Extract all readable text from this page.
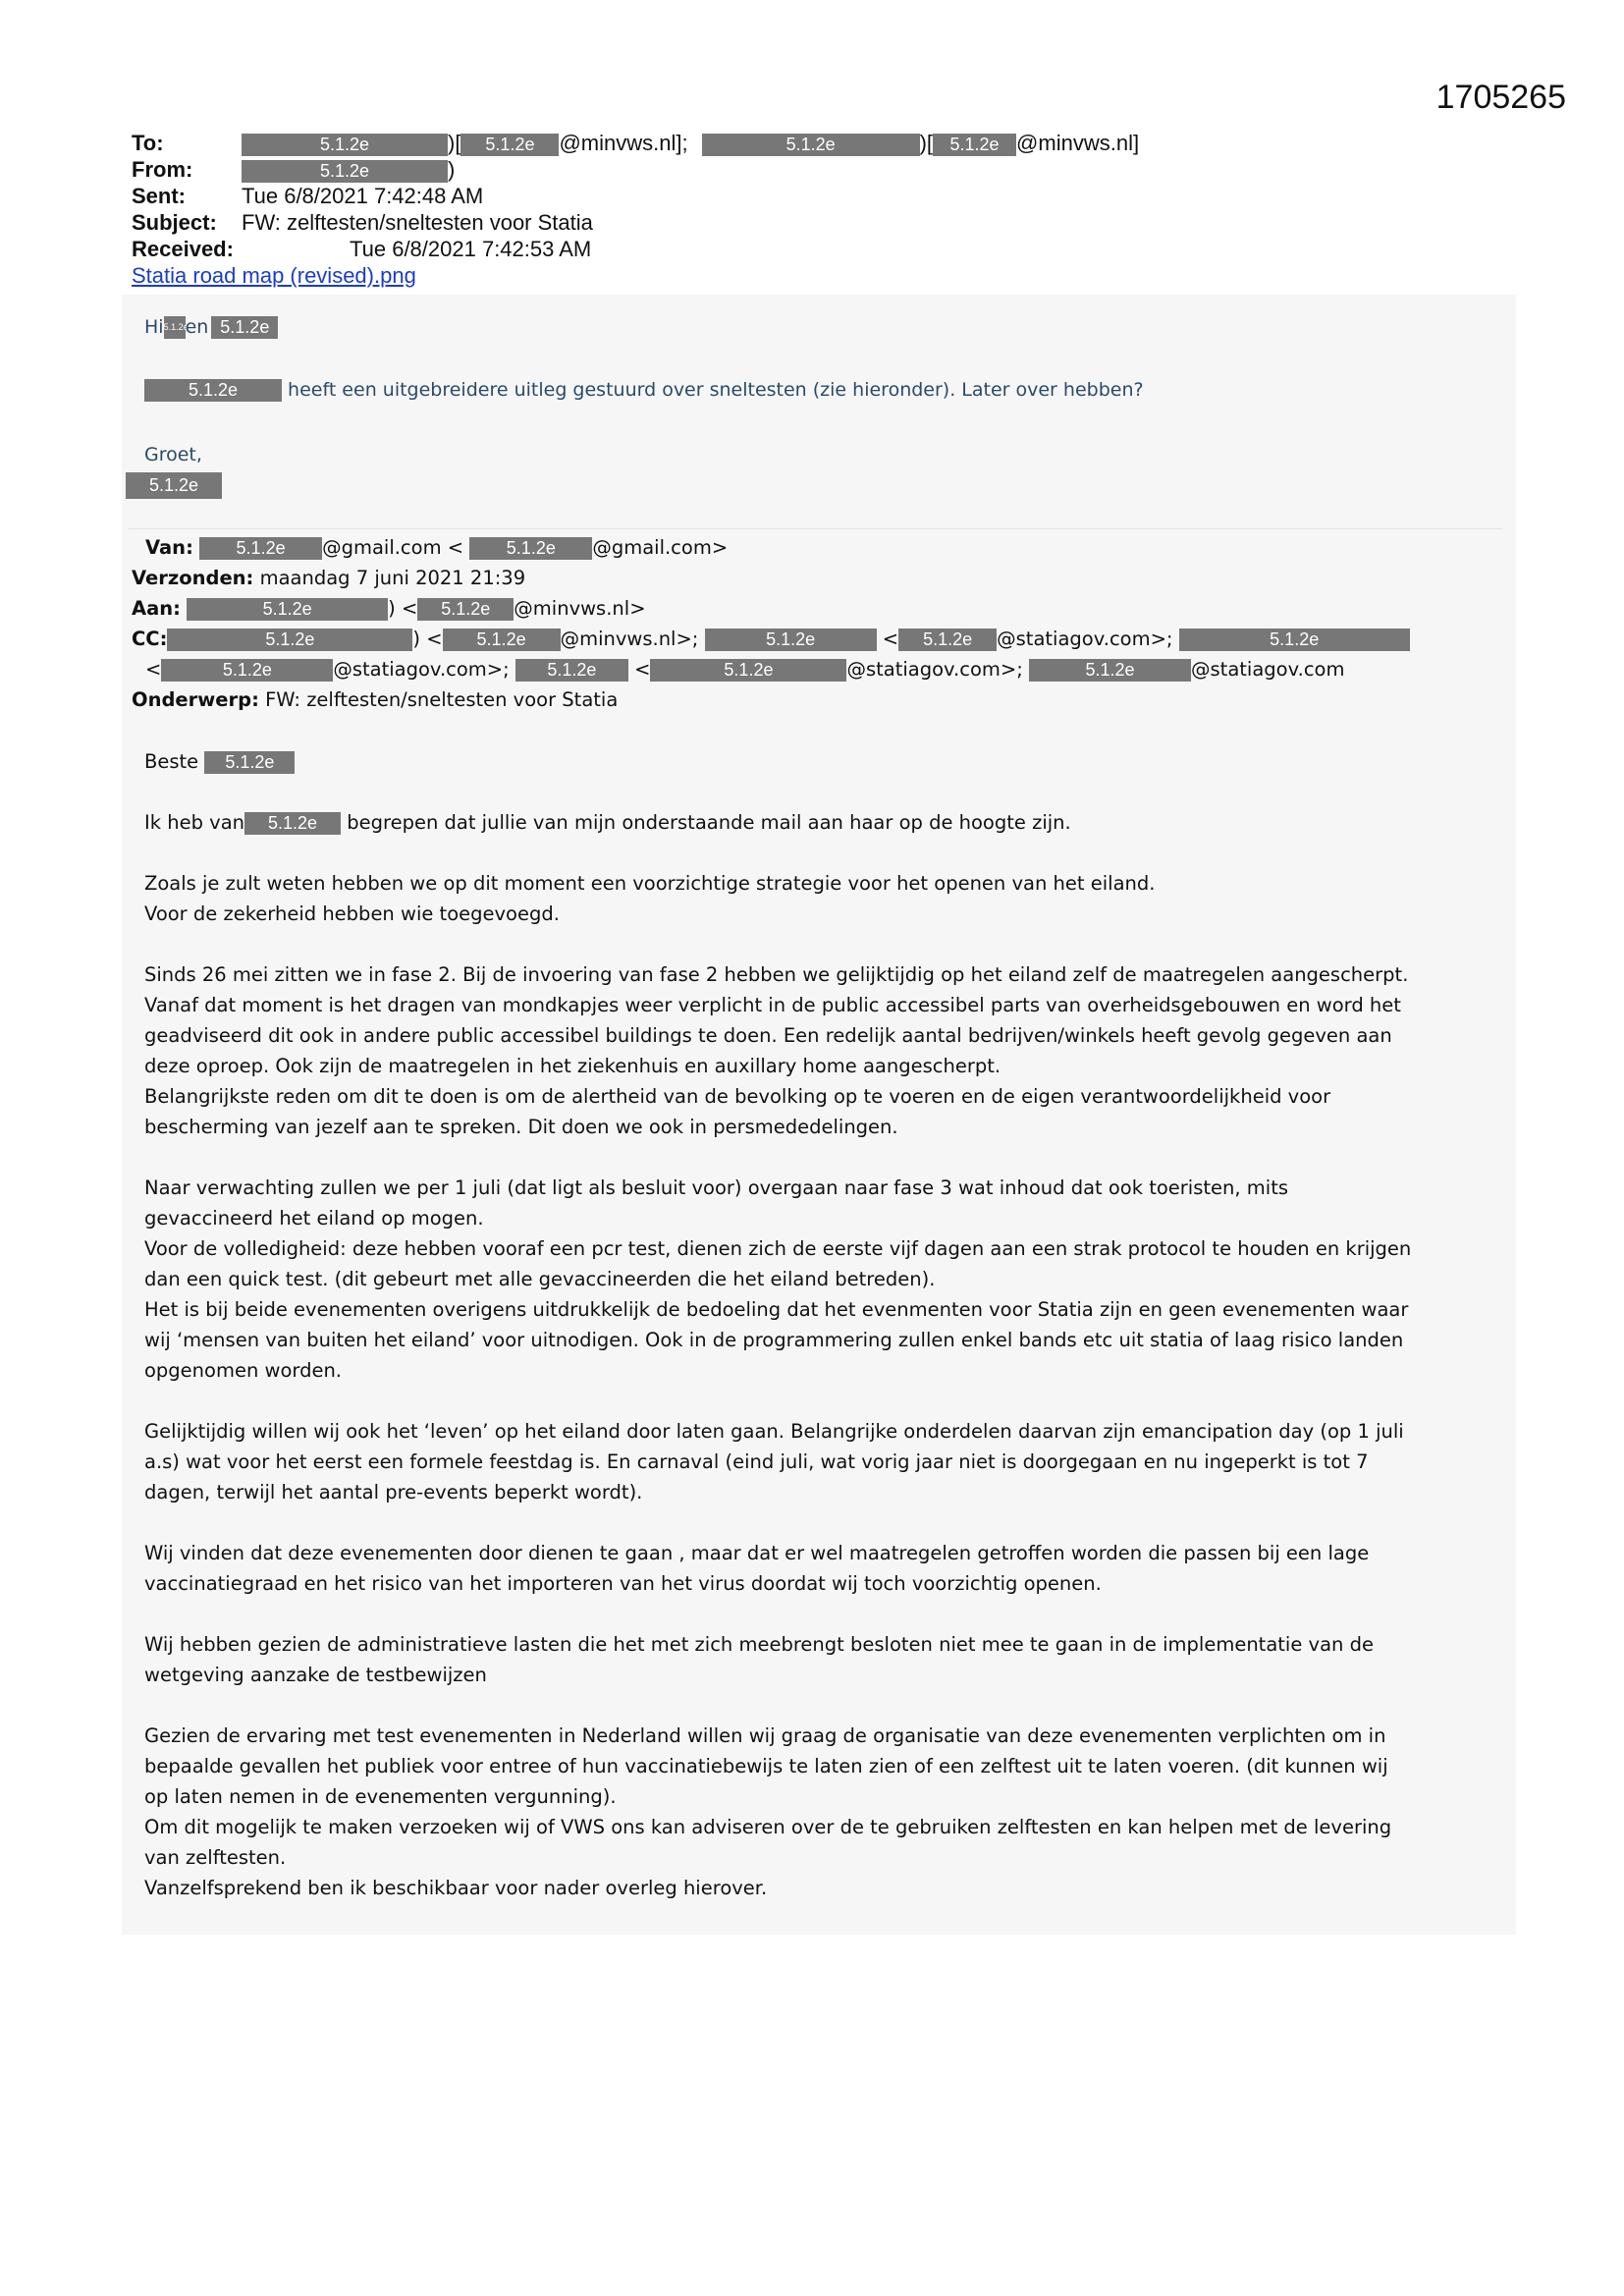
1705265
To:	5.1.2e	)[ 5.1.2e @minvws.nl];	5.1.2e	)[ 5.1.2e @minvws.nl]
From:	5.1.2e	)
Sent:	Tue 6/8/2021 7:42:48 AM
Subject: FW: zelftesten/sneltesten voor Statia
Received:	Tue 6/8/2021 7:42:53 AM
Statia road map (revised).png
Hi5.1.2een 5.1.2e
5.1.2e	heeft een uitgebreidere uitleg gestuurd over sneltesten (zie hieronder). Later over hebben?
Groet,
5.1.2e
Van: 5.1.2e @gmail.com < 5.1.2e @gmail.com>
Verzonden: maandag 7 juni 2021 21:39
Aan:	5.1.2e	) < 5.1.2e @minvws.nl>
CC:	5.1.2e	) < 5.1.2e @minvws.nl>;	5.1.2e	< 5.1.2e @statiagov.com>;	5.1.2e
<	5.1.2e	@statiagov.com>; 5.1.2e <	5.1.2e	@statiagov.com>;	5.1.2e	@statiagov.com
Onderwerp: FW: zelftesten/sneltesten voor Statia

Beste 5.1.2e

Ik heb van 5.1.2e begrepen dat jullie van mijn onderstaande mail aan haar op de hoogte zijn.

Zoals je zult weten hebben we op dit moment een voorzichtige strategie voor het openen van het eiland.
Voor de zekerheid hebben wie toegevoegd.

Sinds 26 mei zitten we in fase 2. Bij de invoering van fase 2 hebben we gelijktijdig op het eiland zelf de maatregelen aangescherpt.
Vanaf dat moment is het dragen van mondkapjes weer verplicht in de public accessibel parts van overheidsgebouwen en word het
geadviseerd dit ook in andere public accessibel buildings te doen. Een redelijk aantal bedrijven/winkels heeft gevolg gegeven aan
deze oproep. Ook zijn de maatregelen in het ziekenhuis en auxillary home aangescherpt.
Belangrijkste reden om dit te doen is om de alertheid van de bevolking op te voeren en de eigen verantwoordelijkheid voor
bescherming van jezelf aan te spreken. Dit doen we ook in persmededelingen.

Naar verwachting zullen we per 1 juli (dat ligt als besluit voor) overgaan naar fase 3 wat inhoud dat ook toeristen, mits
gevaccineerd het eiland op mogen.
Voor de volledigheid: deze hebben vooraf een pcr test, dienen zich de eerste vijf dagen aan een strak protocol te houden en krijgen
dan een quick test. (dit gebeurt met alle gevaccineerden die het eiland betreden).
Het is bij beide evenementen overigens uitdrukkelijk de bedoeling dat het evenmenten voor Statia zijn en geen evenementen waar
wij ‘mensen van buiten het eiland’ voor uitnodigen. Ook in de programmering zullen enkel bands etc uit statia of laag risico landen
opgenomen worden.

Gelijktijdig willen wij ook het ‘leven’ op het eiland door laten gaan. Belangrijke onderdelen daarvan zijn emancipation day (op 1 juli
a.s) wat voor het eerst een formele feestdag is. En carnaval (eind juli, wat vorig jaar niet is doorgegaan en nu ingeperkt is tot 7
dagen, terwijl het aantal pre-events beperkt wordt).

Wij vinden dat deze evenementen door dienen te gaan , maar dat er wel maatregelen getroffen worden die passen bij een lage
vaccinatiegraad en het risico van het importeren van het virus doordat wij toch voorzichtig openen.

Wij hebben gezien de administratieve lasten die het met zich meebrengt besloten niet mee te gaan in de implementatie van de
wetgeving aanzake de testbewijzen

Gezien de ervaring met test evenementen in Nederland willen wij graag de organisatie van deze evenementen verplichten om in
bepaalde gevallen het publiek voor entree of hun vaccinatiebewijs te laten zien of een zelftest uit te laten voeren. (dit kunnen wij
op laten nemen in de evenementen vergunning).
Om dit mogelijk te maken verzoeken wij of VWS ons kan adviseren over de te gebruiken zelftesten en kan helpen met de levering
van zelftesten.
Vanzelfsprekend ben ik beschikbaar voor nader overleg hierover.
